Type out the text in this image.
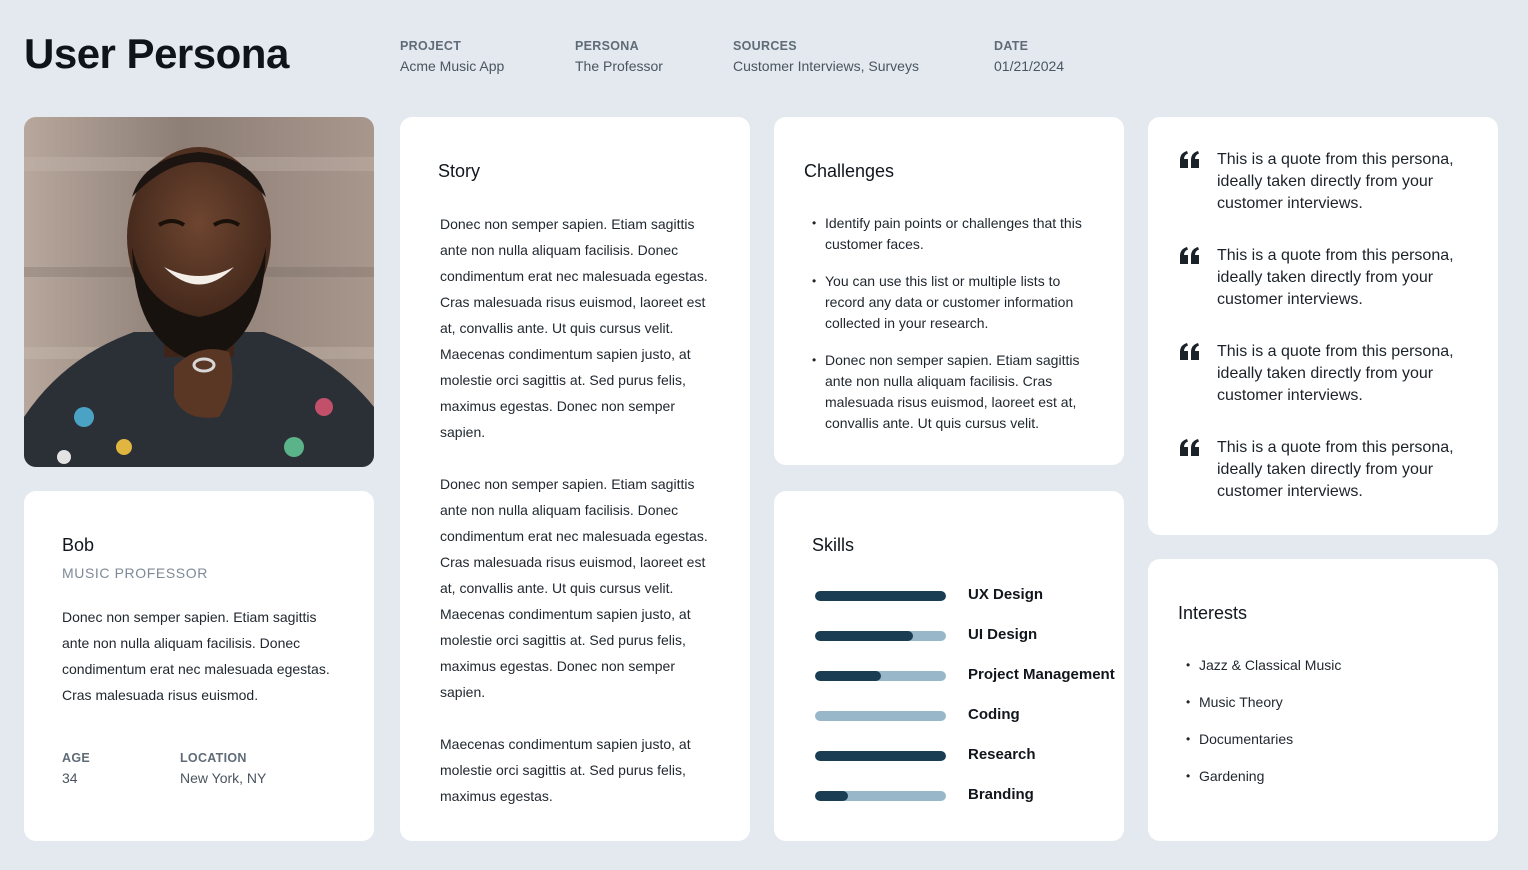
User Persona	PROJECT
Acme Music App
PERSONA
The Professor
SOURCES
Customer Interviews, Surveys
DATE
01/21/2024
Bob
MUSIC PROFESSOR
Donec non semper sapien. Etiam sagittis ante non nulla aliquam facilisis. Donec condimentum erat nec malesuada egestas. Cras malesuada risus euismod.
AGE
34
LOCATION
New York, NY
Story
Donec non semper sapien. Etiam sagittis ante non nulla aliquam facilisis. Donec condimentum erat nec malesuada egestas. Cras malesuada risus euismod, laoreet est at, convallis ante. Ut quis cursus velit. Maecenas condimentum sapien justo, at molestie orci sagittis at. Sed purus felis, maximus egestas. Donec non semper sapien.
Donec non semper sapien. Etiam sagittis ante non nulla aliquam facilisis. Donec condimentum erat nec malesuada egestas. Cras malesuada risus euismod, laoreet est at, convallis ante. Ut quis cursus velit. Maecenas condimentum sapien justo, at molestie orci sagittis at. Sed purus felis, maximus egestas. Donec non semper sapien.
Maecenas condimentum sapien justo, at molestie orci sagittis at. Sed purus felis, maximus egestas.
Challenges
• Identify pain points or challenges that this customer faces.
• You can use this list or multiple lists to record any data or customer information collected in your research.
• Donec non semper sapien. Etiam sagittis ante non nulla aliquam facilisis. Cras malesuada risus euismod, laoreet est at, convallis ante. Ut quis cursus velit.
Skills
UX Design
UI Design
Project Management
Coding
Research
Branding
This is a quote from this persona, ideally taken directly from your customer interviews.
This is a quote from this persona, ideally taken directly from your customer interviews.
This is a quote from this persona, ideally taken directly from your customer interviews.
This is a quote from this persona, ideally taken directly from your customer interviews.
Interests
• Jazz & Classical Music
• Music Theory
• Documentaries
• Gardening
